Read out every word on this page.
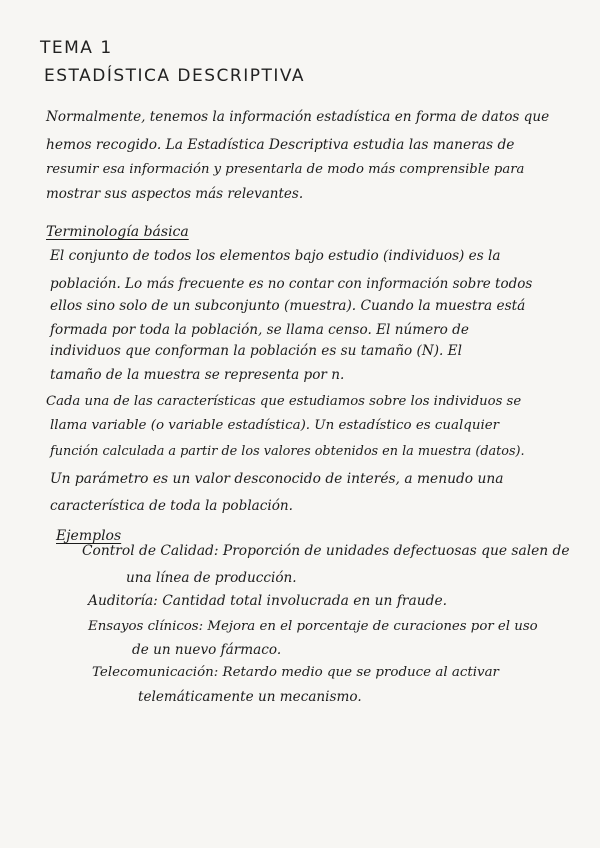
TEMA 1
ESTADÍSTICA DESCRIPTIVA
Normalmente, tenemos la información estadística en forma de datos que
hemos recogido. La Estadística Descriptiva estudia las maneras de
resumir esa información y presentarla de modo más comprensible para
mostrar sus aspectos más relevantes.
Terminología básica
El conjunto de todos los elementos bajo estudio (individuos) es la
población. Lo más frecuente es no contar con información sobre todos
ellos sino solo de un subconjunto (muestra). Cuando la muestra está
formada por toda la población, se llama censo. El número de
individuos que conforman la población es su tamaño (N). El
tamaño de la muestra se representa por n.
Cada una de las características que estudiamos sobre los individuos se
llama variable (o variable estadística). Un estadístico es cualquier
función calculada a partir de los valores obtenidos en la muestra (datos).
Un parámetro es un valor desconocido de interés, a menudo una
característica de toda la población.
Ejemplos
Control de Calidad: Proporción de unidades defectuosas que salen de
una línea de producción.
Auditoría: Cantidad total involucrada en un fraude.
Ensayos clínicos: Mejora en el porcentaje de curaciones por el uso
de un nuevo fármaco.
Telecomunicación: Retardo medio que se produce al activar
telemáticamente un mecanismo.
